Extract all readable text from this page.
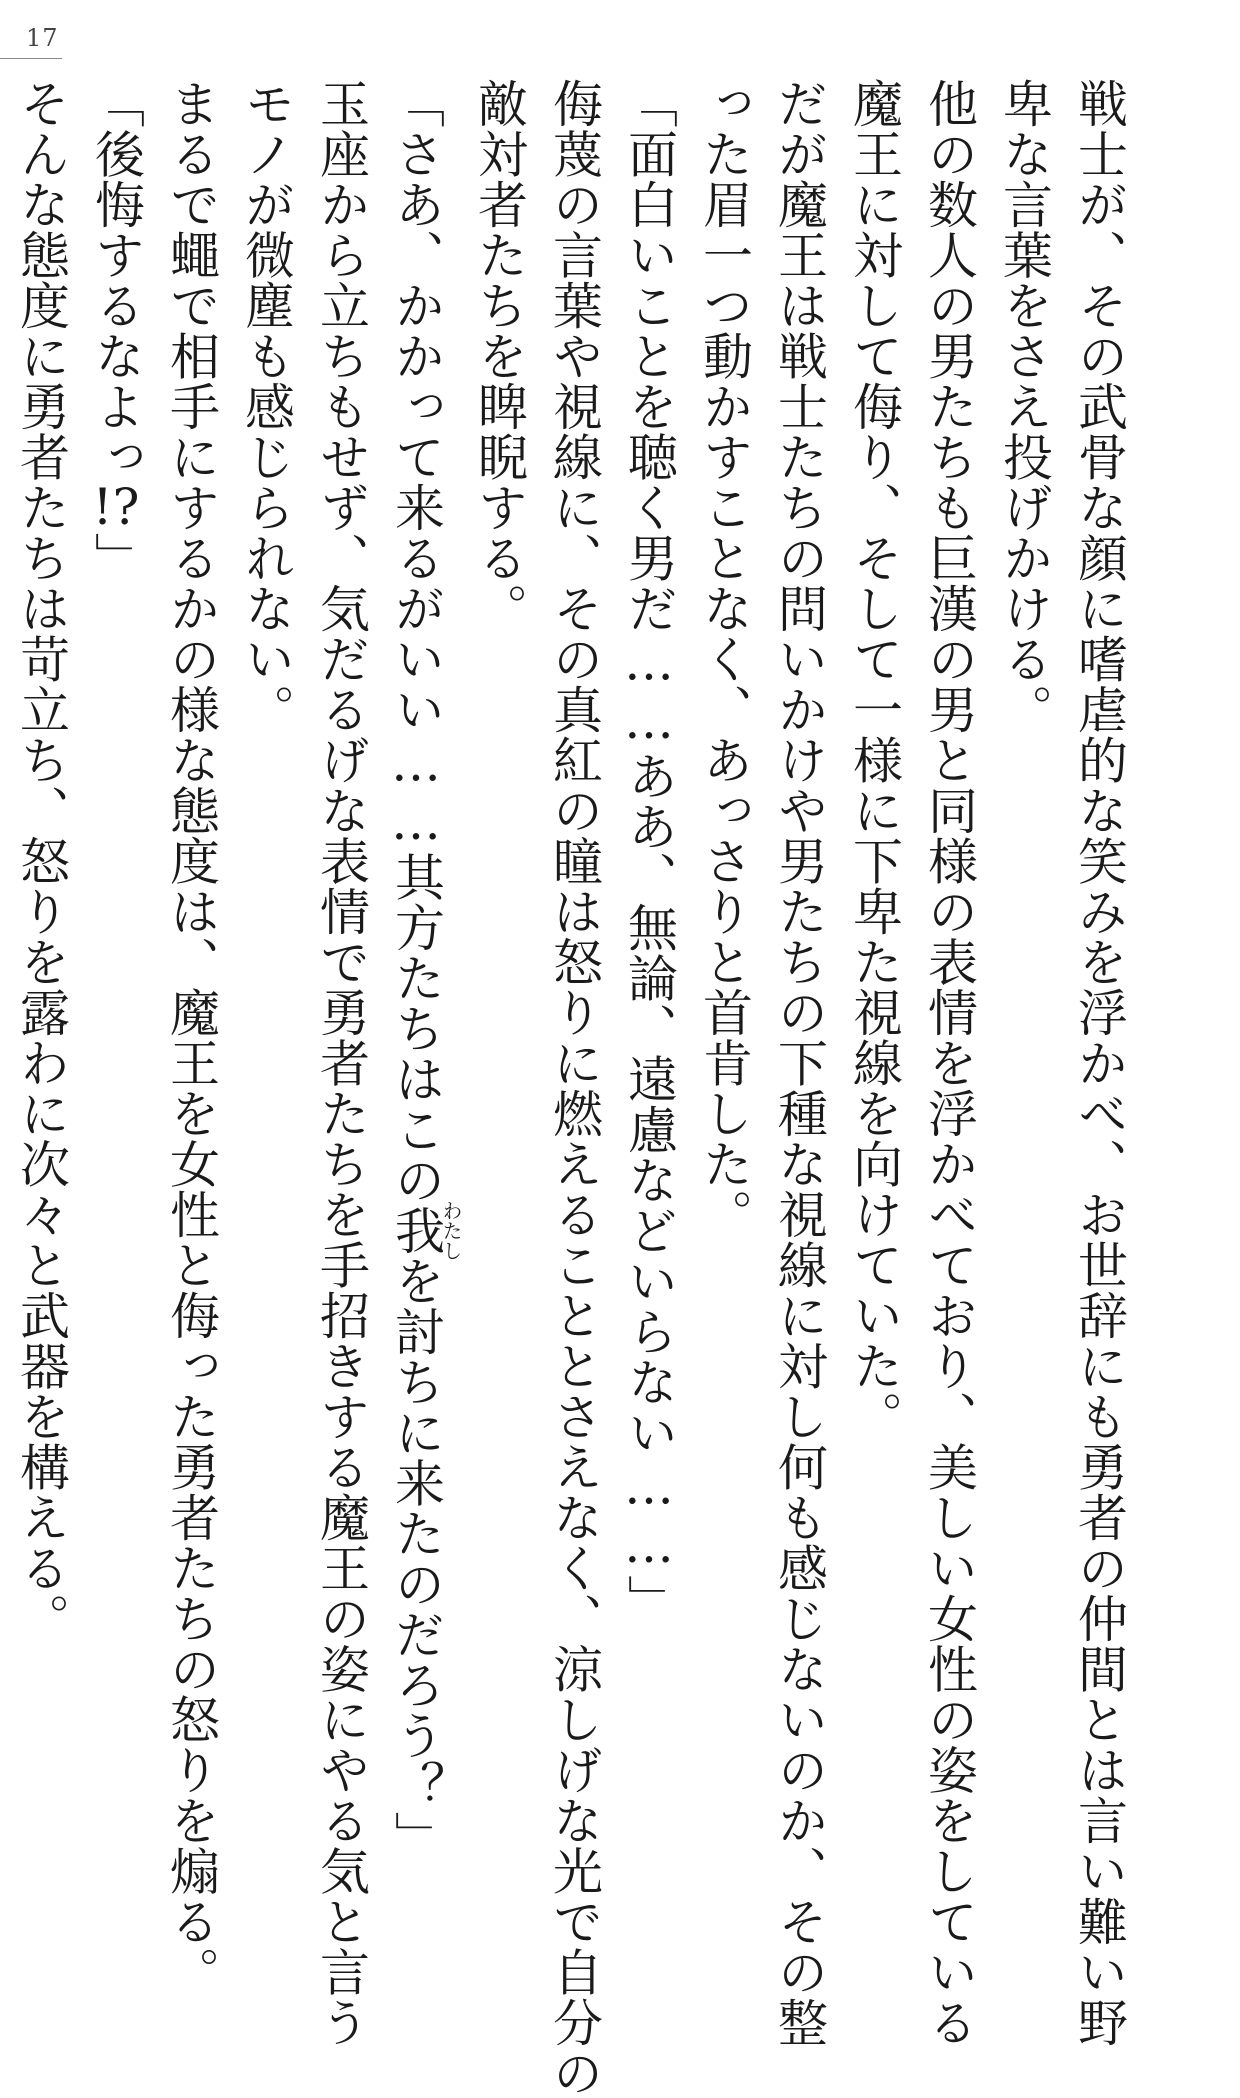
17

戦士が、その武骨な顔に嗜虐的な笑みを浮かべ、お世辞にも勇者の仲間とは言い難い野

卑な言葉をさえ投げかける。

他の数人の男たちも巨漢の男と同様の表情を浮かべており、美しい女性の姿をしている

魔王に対して侮り、そして一様に下卑た視線を向けていた。

だが魔王は戦士たちの問いかけや男たちの下種な視線に対し何も感じないのか、その整

った眉一つ動かすことなく、あっさりと首肯した。

「面白いことを聴く男だ……ああ、無論、遠慮などいらない……」

侮蔑の言葉や視線に、その真紅の瞳は怒りに燃えることとさえなく、涼しげな光で自分の

敵対者たちを睥睨する。

「さあ、かかって来るがいい……其方たちはこの我わたしを討ちに来たのだろう？」

玉座から立ちもせず、気だるげな表情で勇者たちを手招きする魔王の姿にやる気と言う

モノが微塵も感じられない。

まるで蠅で相手にするかの様な態度は、魔王を女性と侮った勇者たちの怒りを煽る。

「後悔するなよっ!?」

そんな態度に勇者たちは苛立ち、怒りを露わに次々と武器を構える。
